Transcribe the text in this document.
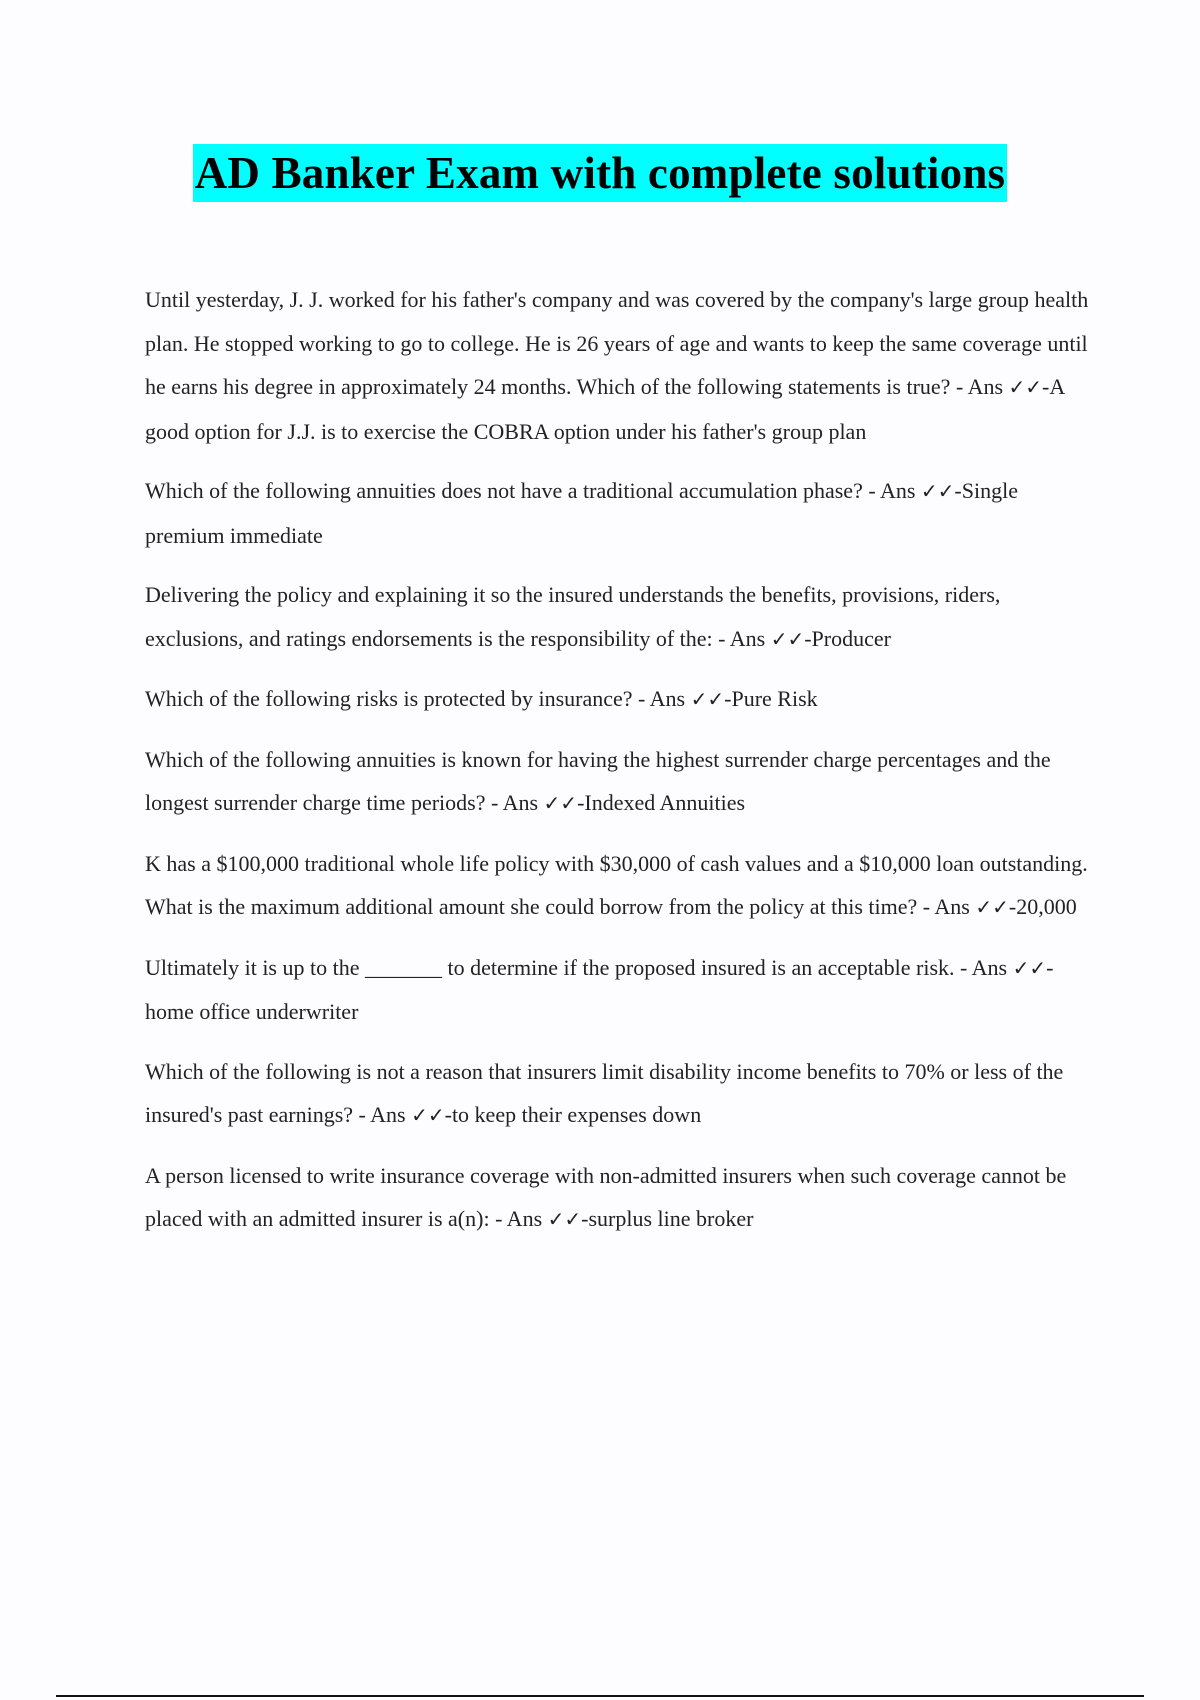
AD Banker Exam with complete solutions

Until yesterday, J. J. worked for his father's company and was covered by the company's large group health plan. He stopped working to go to college. He is 26 years of age and wants to keep the same coverage until he earns his degree in approximately 24 months. Which of the following statements is true? - Ans ✓✓-A good option for J.J. is to exercise the COBRA option under his father's group plan

Which of the following annuities does not have a traditional accumulation phase? - Ans ✓✓-Single premium immediate

Delivering the policy and explaining it so the insured understands the benefits, provisions, riders, exclusions, and ratings endorsements is the responsibility of the: - Ans ✓✓-Producer

Which of the following risks is protected by insurance? - Ans ✓✓-Pure Risk

Which of the following annuities is known for having the highest surrender charge percentages and the longest surrender charge time periods? - Ans ✓✓-Indexed Annuities

K has a $100,000 traditional whole life policy with $30,000 of cash values and a $10,000 loan outstanding. What is the maximum additional amount she could borrow from the policy at this time? - Ans ✓✓-20,000

Ultimately it is up to the _______ to determine if the proposed insured is an acceptable risk. - Ans ✓✓-home office underwriter

Which of the following is not a reason that insurers limit disability income benefits to 70% or less of the insured's past earnings? - Ans ✓✓-to keep their expenses down

A person licensed to write insurance coverage with non-admitted insurers when such coverage cannot be placed with an admitted insurer is a(n): - Ans ✓✓-surplus line broker
